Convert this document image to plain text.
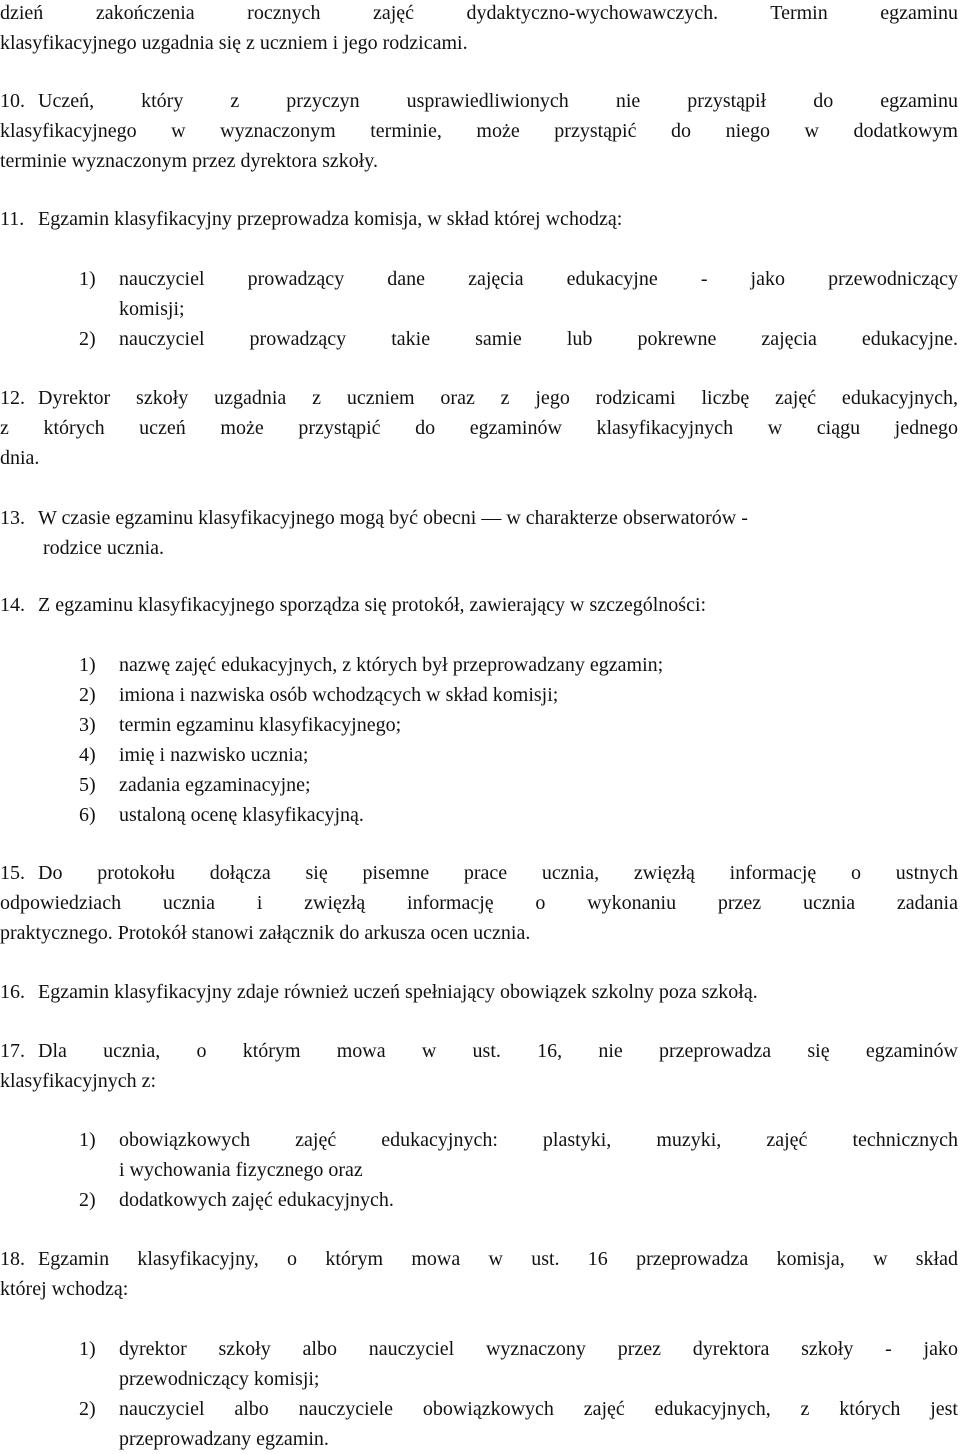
dzień zakończenia rocznych zajęć dydaktyczno-wychowawczych. Termin egzaminu
klasyfikacyjnego uzgadnia się z uczniem i jego rodzicami.
10. Uczeń, który z przyczyn usprawiedliwionych nie przystąpił do egzaminu
klasyfikacyjnego w wyznaczonym terminie, może przystąpić do niego w dodatkowym
terminie wyznaczonym przez dyrektora szkoły.
11. Egzamin klasyfikacyjny przeprowadza komisja, w skład której wchodzą:
1) nauczyciel prowadzący dane zajęcia edukacyjne - jako przewodniczący
komisji;
2) nauczyciel prowadzący takie samie lub pokrewne zajęcia edukacyjne.
12. Dyrektor szkoły uzgadnia z uczniem oraz z jego rodzicami liczbę zajęć edukacyjnych,
z których uczeń może przystąpić do egzaminów klasyfikacyjnych w ciągu jednego
dnia.
13. W czasie egzaminu klasyfikacyjnego mogą być obecni — w charakterze obserwatorów -
rodzice ucznia.
14. Z egzaminu klasyfikacyjnego sporządza się protokół, zawierający w szczególności:
1) nazwę zajęć edukacyjnych, z których był przeprowadzany egzamin;
2) imiona i nazwiska osób wchodzących w skład komisji;
3) termin egzaminu klasyfikacyjnego;
4) imię i nazwisko ucznia;
5) zadania egzaminacyjne;
6) ustaloną ocenę klasyfikacyjną.
15. Do protokołu dołącza się pisemne prace ucznia, zwięzłą informację o ustnych
odpowiedziach ucznia i zwięzłą informację o wykonaniu przez ucznia zadania
praktycznego. Protokół stanowi załącznik do arkusza ocen ucznia.
16. Egzamin klasyfikacyjny zdaje również uczeń spełniający obowiązek szkolny poza szkołą.
17. Dla ucznia, o którym mowa w ust. 16, nie przeprowadza się egzaminów
klasyfikacyjnych z:
1) obowiązkowych zajęć edukacyjnych: plastyki, muzyki, zajęć technicznych
i wychowania fizycznego oraz
2) dodatkowych zajęć edukacyjnych.
18. Egzamin klasyfikacyjny, o którym mowa w ust. 16 przeprowadza komisja, w skład
której wchodzą:
1) dyrektor szkoły albo nauczyciel wyznaczony przez dyrektora szkoły - jako
przewodniczący komisji;
2) nauczyciel albo nauczyciele obowiązkowych zajęć edukacyjnych, z których jest
przeprowadzany egzamin.
